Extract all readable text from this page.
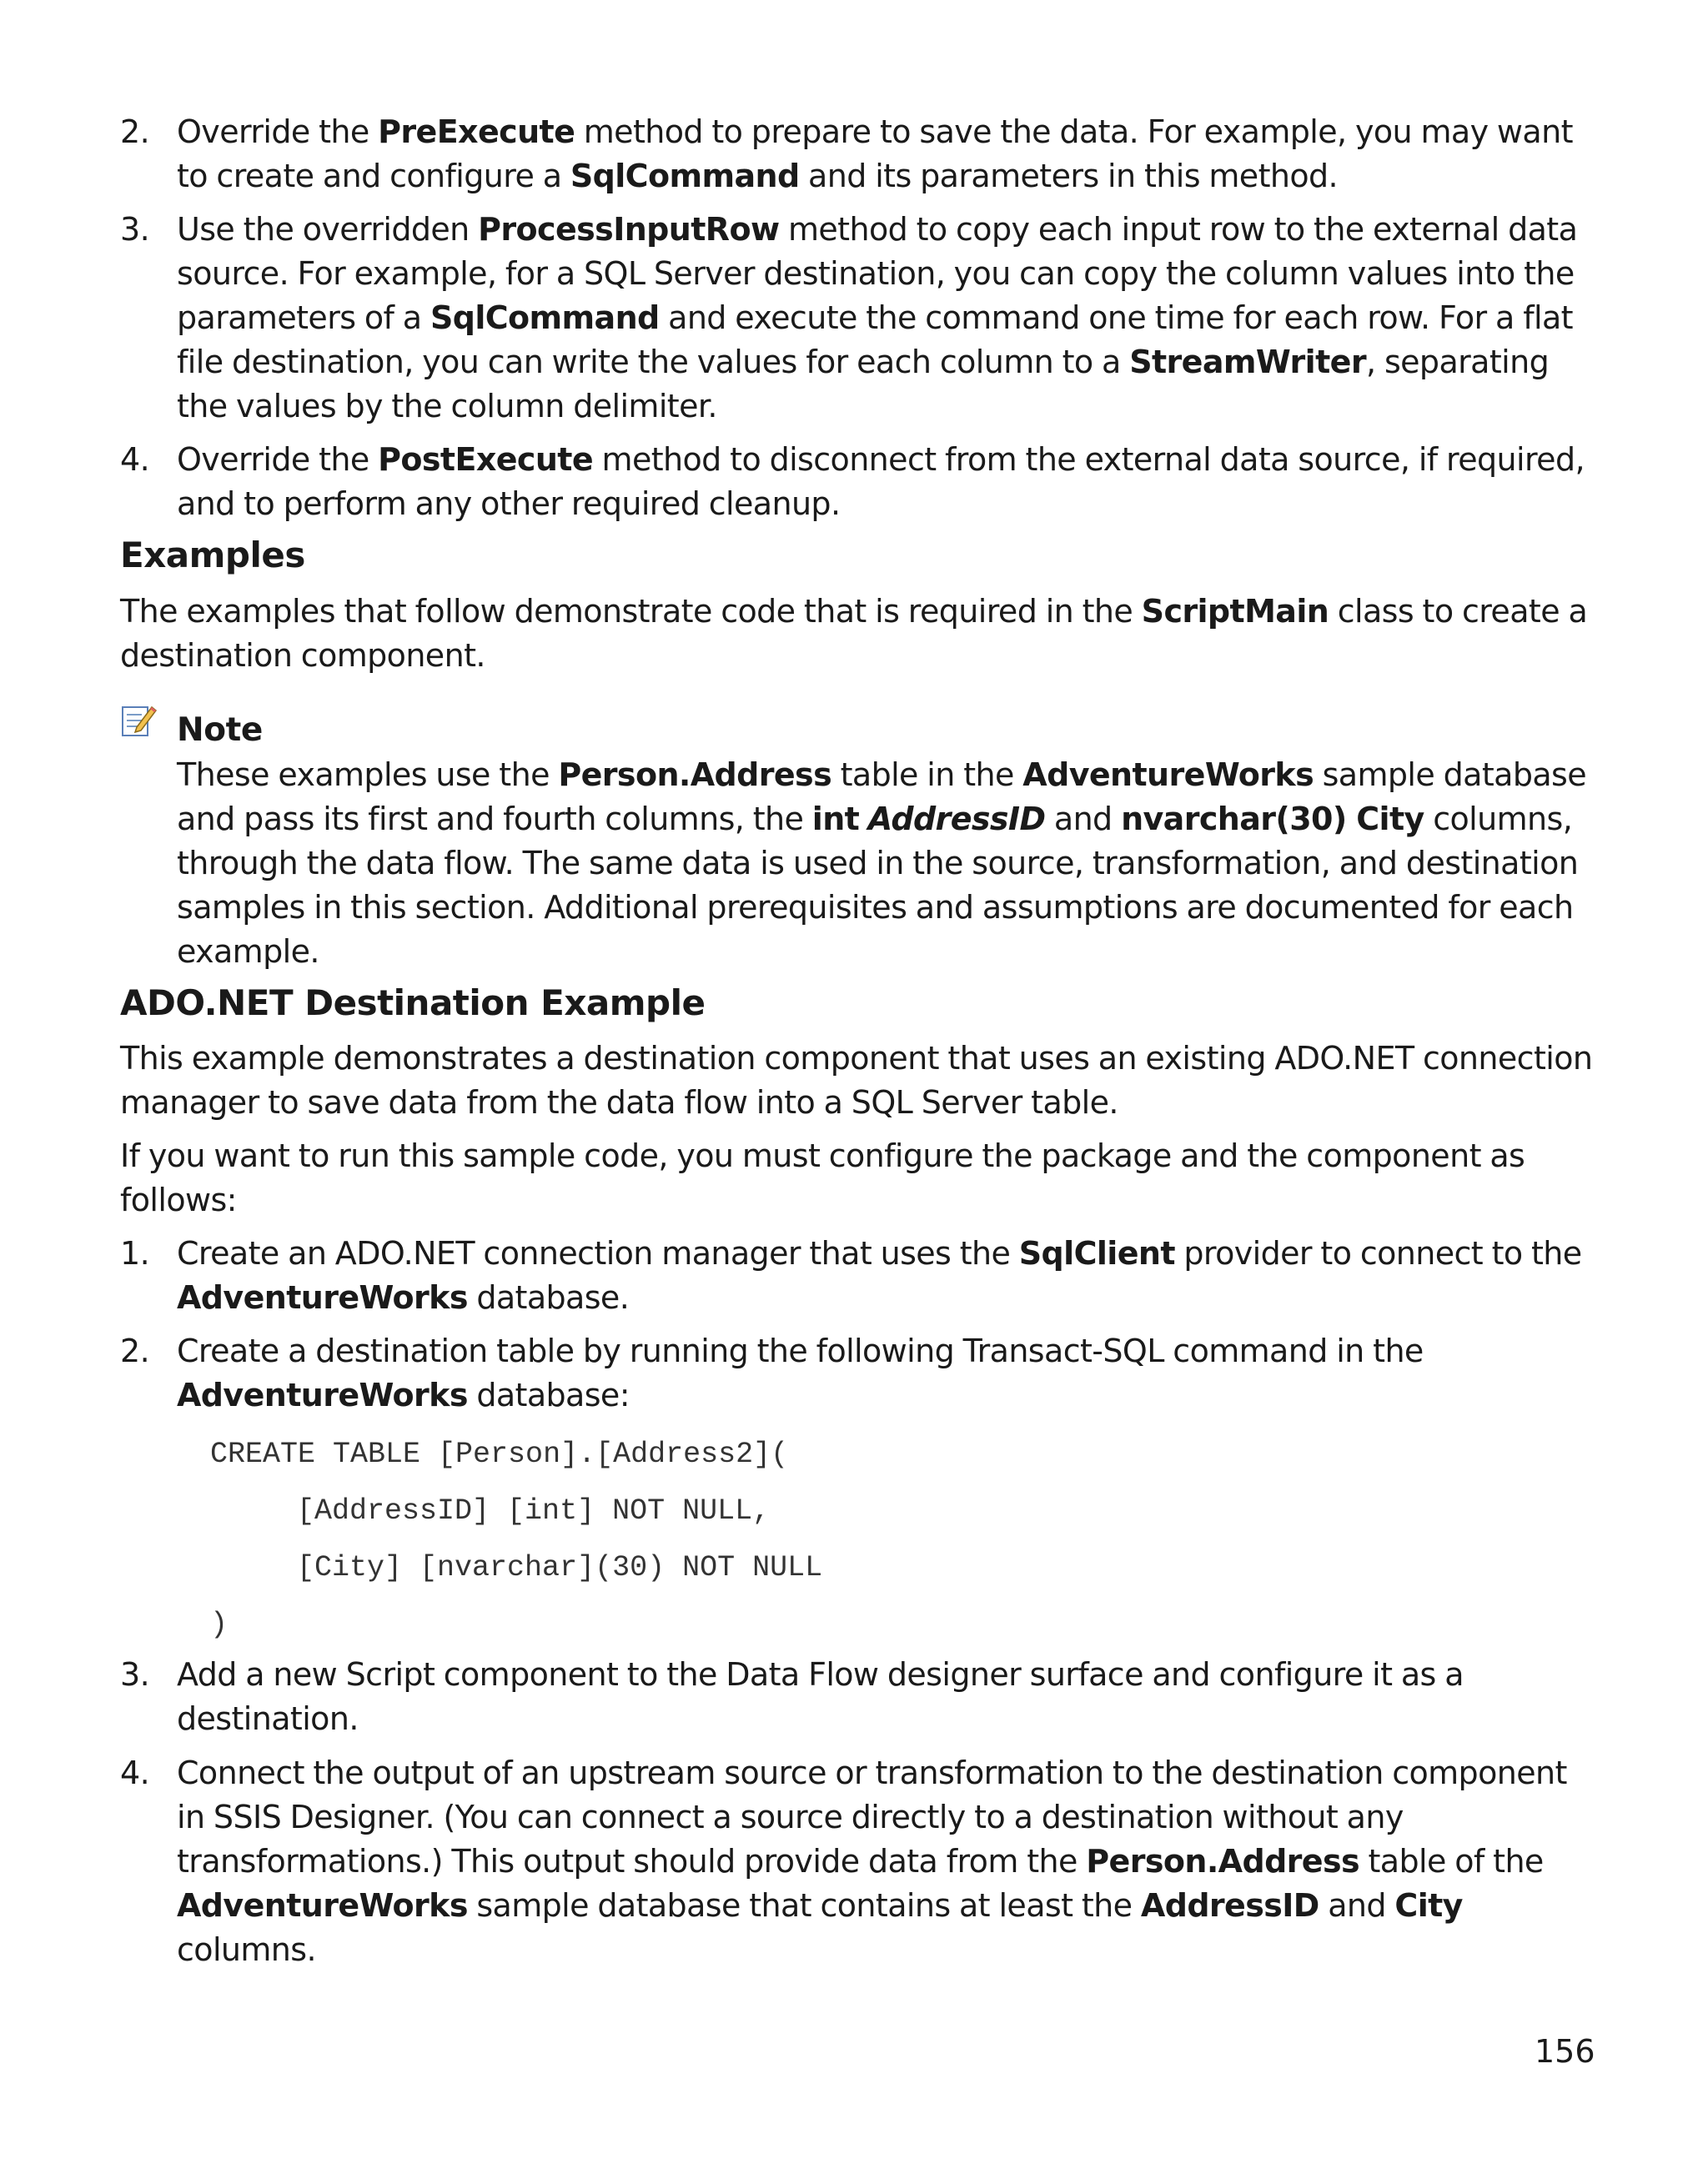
2. Override the PreExecute method to prepare to save the data. For example, you may want to create and configure a SqlCommand and its parameters in this method.
3. Use the overridden ProcessInputRow method to copy each input row to the external data source. For example, for a SQL Server destination, you can copy the column values into the parameters of a SqlCommand and execute the command one time for each row. For a flat file destination, you can write the values for each column to a StreamWriter, separating the values by the column delimiter.
4. Override the PostExecute method to disconnect from the external data source, if required, and to perform any other required cleanup.
Examples
The examples that follow demonstrate code that is required in the ScriptMain class to create a destination component.
Note
These examples use the Person.Address table in the AdventureWorks sample database and pass its first and fourth columns, the int AddressID and nvarchar(30) City columns, through the data flow. The same data is used in the source, transformation, and destination samples in this section. Additional prerequisites and assumptions are documented for each example.
ADO.NET Destination Example
This example demonstrates a destination component that uses an existing ADO.NET connection manager to save data from the data flow into a SQL Server table.
If you want to run this sample code, you must configure the package and the component as follows:
1. Create an ADO.NET connection manager that uses the SqlClient provider to connect to the AdventureWorks database.
2. Create a destination table by running the following Transact-SQL command in the AdventureWorks database:
CREATE TABLE [Person].[Address2](
[AddressID] [int] NOT NULL,
[City] [nvarchar](30) NOT NULL
)
3. Add a new Script component to the Data Flow designer surface and configure it as a destination.
4. Connect the output of an upstream source or transformation to the destination component in SSIS Designer. (You can connect a source directly to a destination without any transformations.) This output should provide data from the Person.Address table of the AdventureWorks sample database that contains at least the AddressID and City columns.
156
